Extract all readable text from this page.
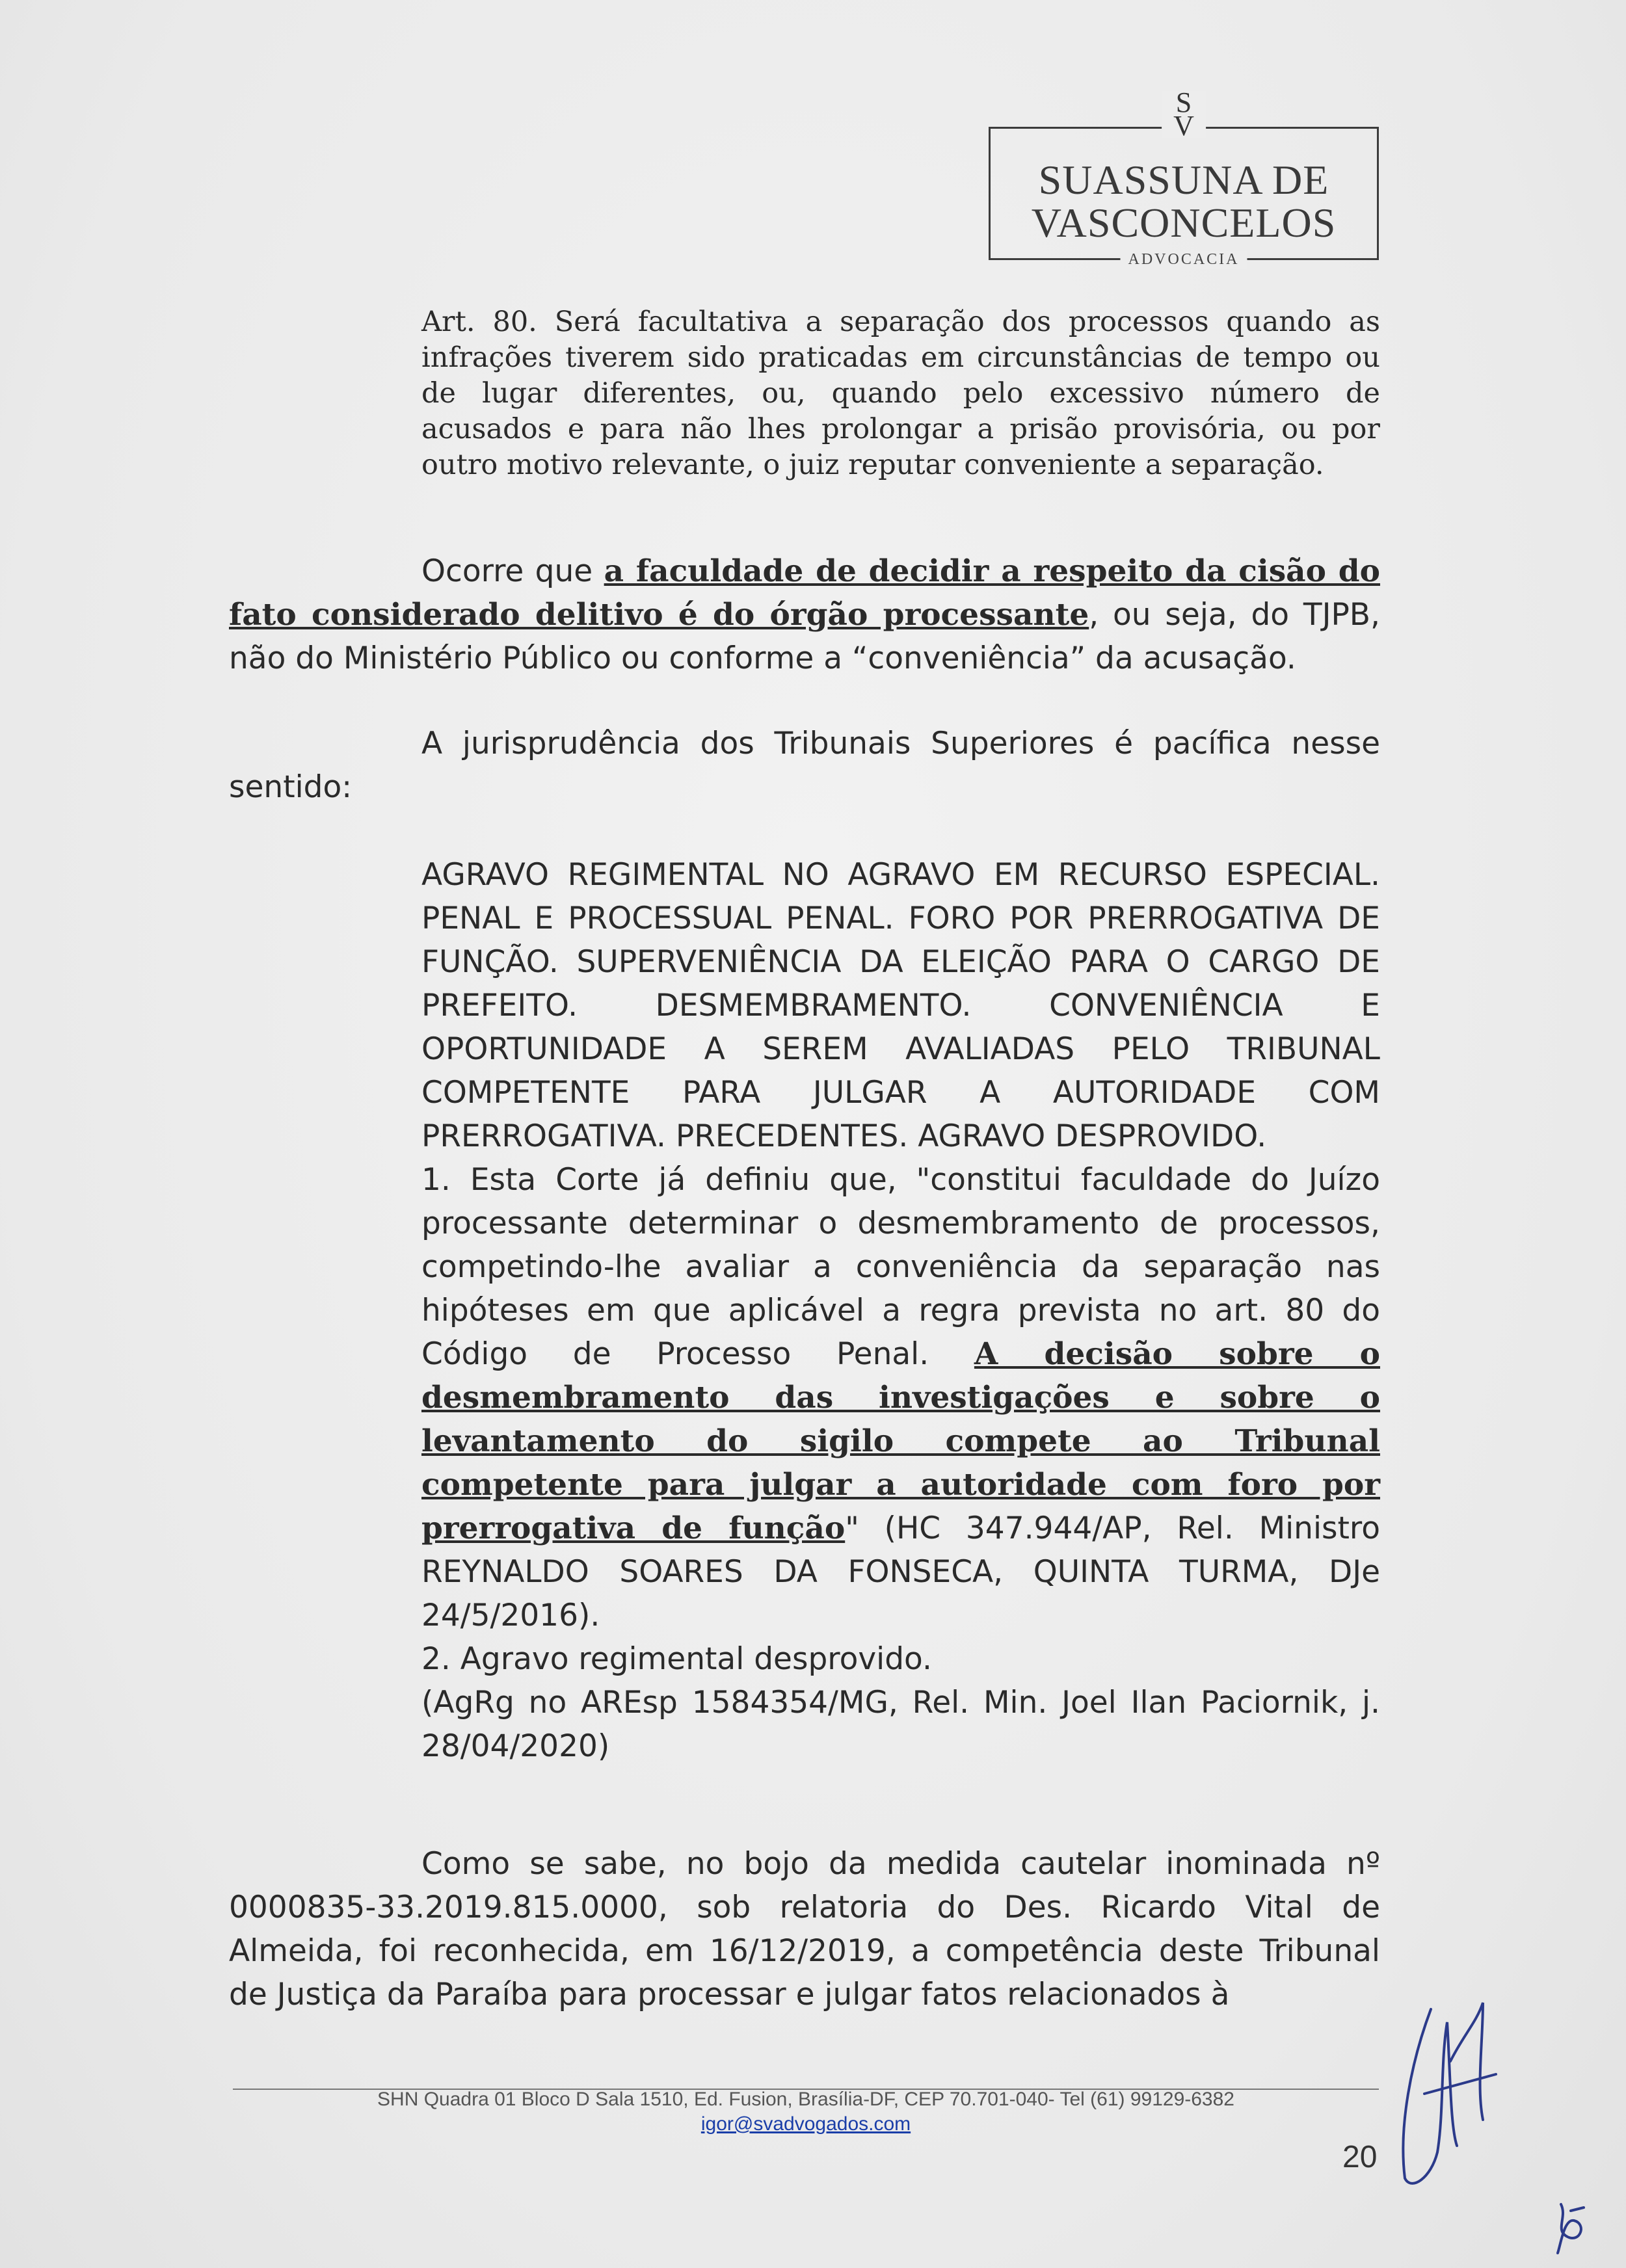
S
V
SUASSUNA DE
VASCONCELOS
ADVOCACIA
Art. 80. Será facultativa a separação dos processos quando as infrações tiverem sido praticadas em circunstâncias de tempo ou de lugar diferentes, ou, quando pelo excessivo número de acusados e para não lhes prolongar a prisão provisória, ou por outro motivo relevante, o juiz reputar conveniente a separação.
Ocorre que a faculdade de decidir a respeito da cisão do fato considerado delitivo é do órgão processante, ou seja, do TJPB, não do Ministério Público ou conforme a “conveniência” da acusação.
A jurisprudência dos Tribunais Superiores é pacífica nesse sentido:
AGRAVO REGIMENTAL NO AGRAVO EM RECURSO ESPECIAL. PENAL E PROCESSUAL PENAL. FORO POR PRERROGATIVA DE FUNÇÃO. SUPERVENIÊNCIA DA ELEIÇÃO PARA O CARGO DE PREFEITO. DESMEMBRAMENTO. CONVENIÊNCIA E OPORTUNIDADE A SEREM AVALIADAS PELO TRIBUNAL COMPETENTE PARA JULGAR A AUTORIDADE COM PRERROGATIVA. PRECEDENTES. AGRAVO DESPROVIDO.
1. Esta Corte já definiu que, "constitui faculdade do Juízo processante determinar o desmembramento de processos, competindo-lhe avaliar a conveniência da separação nas hipóteses em que aplicável a regra prevista no art. 80 do Código de Processo Penal. A decisão sobre o desmembramento das investigações e sobre o levantamento do sigilo compete ao Tribunal competente para julgar a autoridade com foro por prerrogativa de função" (HC 347.944/AP, Rel. Ministro REYNALDO SOARES DA FONSECA, QUINTA TURMA, DJe 24/5/2016).
2. Agravo regimental desprovido.
(AgRg no AREsp 1584354/MG, Rel. Min. Joel Ilan Paciornik, j. 28/04/2020)
Como se sabe, no bojo da medida cautelar inominada nº 0000835-33.2019.815.0000, sob relatoria do Des. Ricardo Vital de Almeida, foi reconhecida, em 16/12/2019, a competência deste Tribunal de Justiça da Paraíba para processar e julgar fatos relacionados à
SHN Quadra 01 Bloco D Sala 1510, Ed. Fusion, Brasília-DF, CEP 70.701-040- Tel (61) 99129-6382
igor@svadvogados.com
20
